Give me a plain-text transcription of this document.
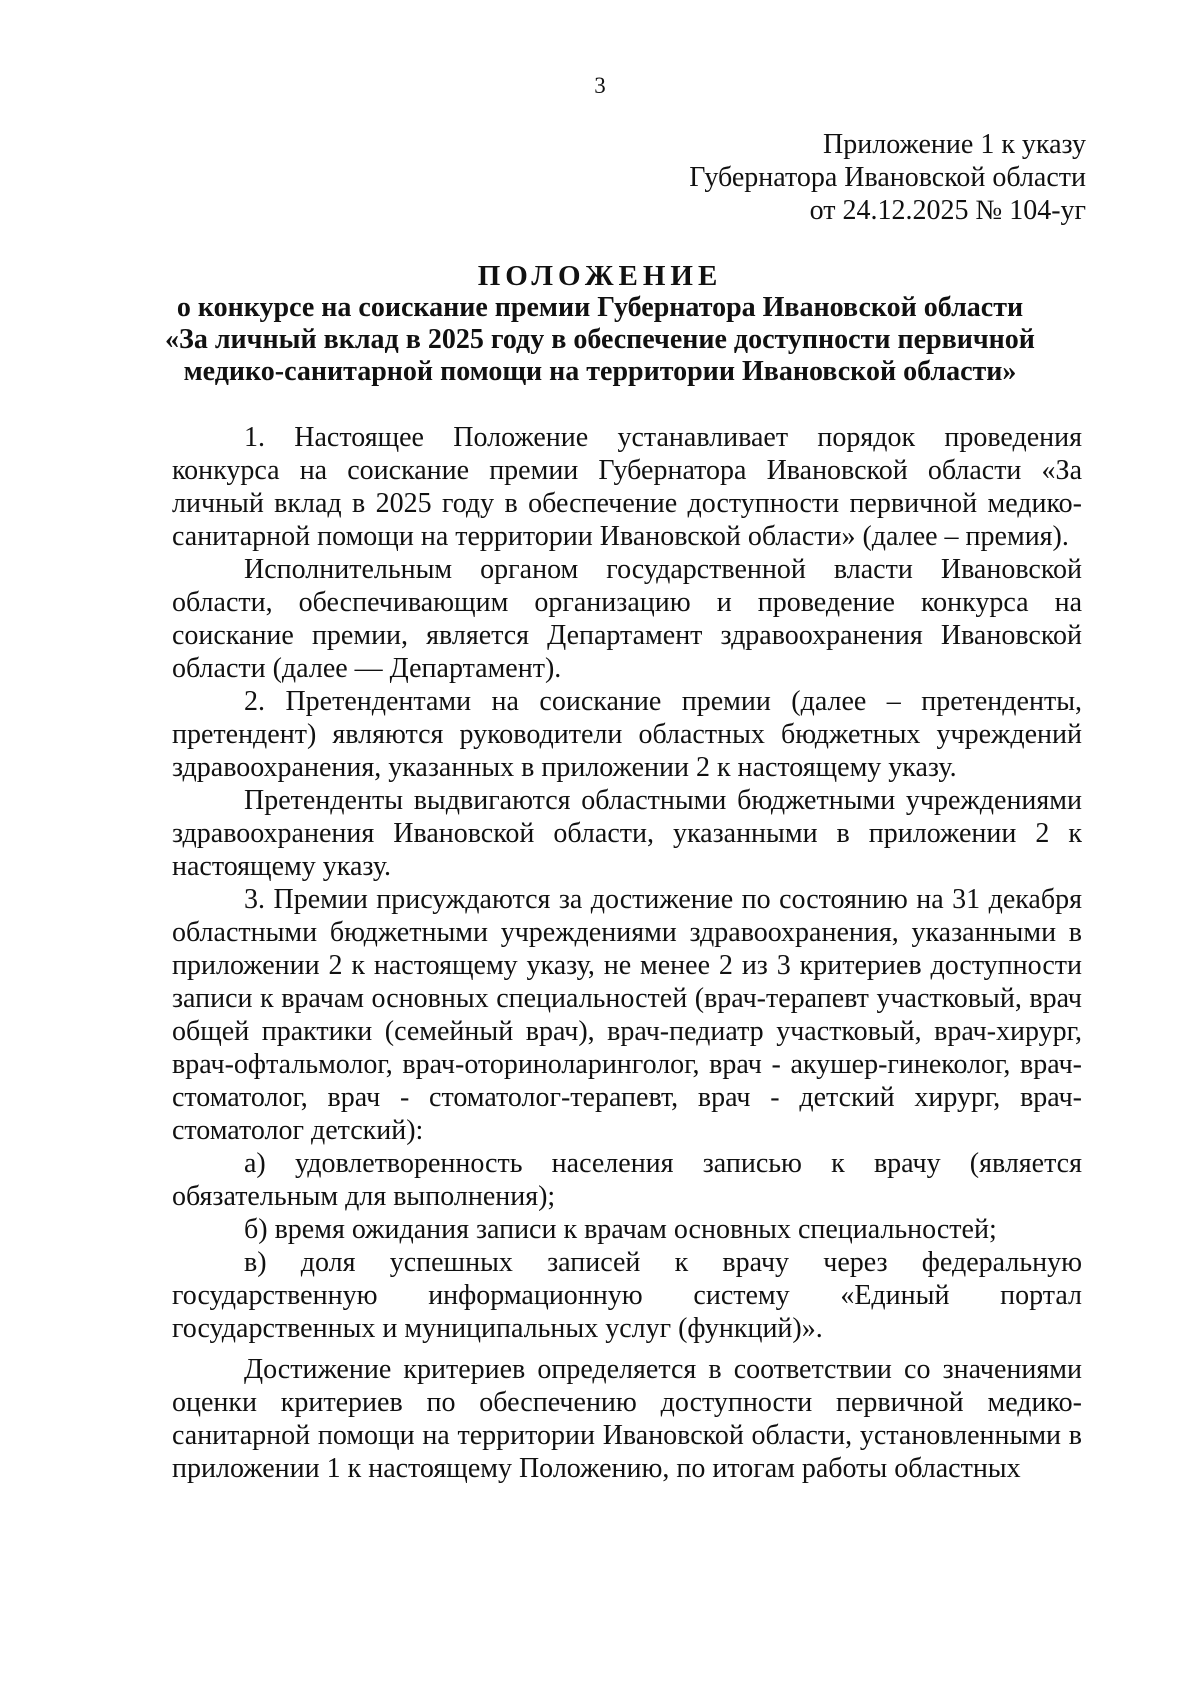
3
Приложение 1 к указу
Губернатора Ивановской области
от 24.12.2025 № 104-уг
ПОЛОЖЕНИЕ
о конкурсе на соискание премии Губернатора Ивановской области
«За личный вклад в 2025 году в обеспечение доступности первичной
медико-санитарной помощи на территории Ивановской области»

1. Настоящее Положение устанавливает порядок проведения конкурса на соискание премии Губернатора Ивановской области «За личный вклад в 2025 году в обеспечение доступности первичной медико-санитарной помощи на территории Ивановской области» (далее – премия).

Исполнительным органом государственной власти Ивановской области, обеспечивающим организацию и проведение конкурса на соискание премии, является Департамент здравоохранения Ивановской области (далее — Департамент).

2. Претендентами на соискание премии (далее – претенденты, претендент) являются руководители областных бюджетных учреждений здравоохранения, указанных в приложении 2 к настоящему указу.

Претенденты выдвигаются областными бюджетными учреждениями здравоохранения Ивановской области, указанными в приложении 2 к настоящему указу.

3. Премии присуждаются за достижение по состоянию на 31 декабря областными бюджетными учреждениями здравоохранения, указанными в приложении 2 к настоящему указу, не менее 2 из 3 критериев доступности записи к врачам основных специальностей (врач-терапевт участковый, врач общей практики (семейный врач), врач-педиатр участковый, врач-хирург, врач-офтальмолог, врач-оториноларинголог, врач - акушер-гинеколог, врач-стоматолог, врач - стоматолог-терапевт, врач - детский хирург, врач-стоматолог детский):

а) удовлетворенность населения записью к врачу (является обязательным для выполнения);

б) время ожидания записи к врачам основных специальностей;

в) доля успешных записей к врачу через федеральную государственную информационную систему «Единый портал государственных и муниципальных услуг (функций)».

Достижение критериев определяется в соответствии со значениями оценки критериев по обеспечению доступности первичной медико-санитарной помощи на территории Ивановской области, установленными в приложении 1 к настоящему Положению, по итогам работы областных
